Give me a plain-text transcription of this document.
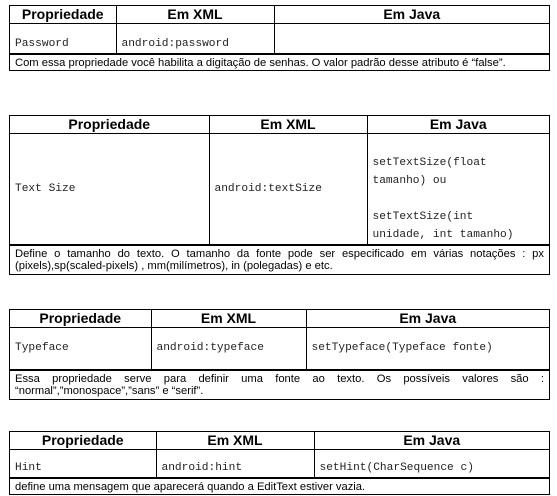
Propriedade	Em XML	Em Java
Password	android:password	
Com essa propriedade você habilita a digitação de senhas. O valor padrão desse atributo é “false”.
Propriedade	Em XML	Em Java
Text Size	android:textSize	setTextSize(float
tamanho) ou
setTextSize(int
unidade, int tamanho)
Define o tamanho do texto. O tamanho da fonte pode ser especificado em várias notações : px (pixels),sp(scaled-pixels) , mm(milímetros), in (polegadas) e etc.
Propriedade	Em XML	Em Java
Typeface	android:typeface	setTypeface(Typeface fonte)
Essa propriedade serve para definir uma fonte ao texto. Os possíveis valores são : “normal”,”monospace”,”sans” e “serif”.
Propriedade	Em XML	Em Java
Hint	android:hint	setHint(CharSequence c)
define uma mensagem que aparecerá quando a EditText estiver vazia.
